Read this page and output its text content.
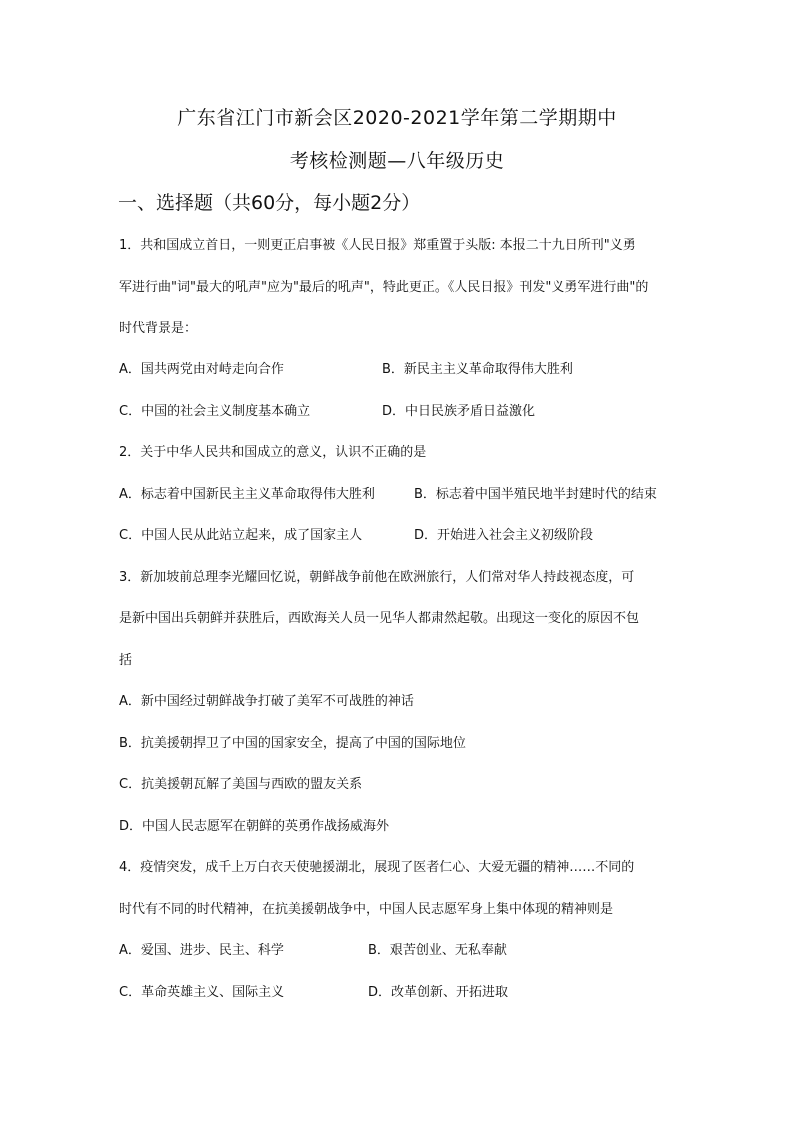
广东省江门市新会区2020-2021学年第二学期期中
考核检测题—八年级历史
一、选择题（共60分，每小题2分）
1．共和国成立首日，一则更正启事被《人民日报》郑重置于头版: 本报二十九日所刊"义勇
军进行曲"词"最大的吼声"应为"最后的吼声"，特此更正。《人民日报》刊发"义勇军进行曲"的
时代背景是：
A．国共两党由对峙走向合作	B．新民主主义革命取得伟大胜利
C．中国的社会主义制度基本确立	D．中日民族矛盾日益激化
2．关于中华人民共和国成立的意义，认识不正确的是
A．标志着中国新民主主义革命取得伟大胜利	B．标志着中国半殖民地半封建时代的结束
C．中国人民从此站立起来，成了国家主人	D．开始进入社会主义初级阶段
3．新加坡前总理李光耀回忆说，朝鲜战争前他在欧洲旅行，人们常对华人持歧视态度，可
是新中国出兵朝鲜并获胜后，西欧海关人员一见华人都肃然起敬。出现这一变化的原因不包
括
A．新中国经过朝鲜战争打破了美军不可战胜的神话
B．抗美援朝捍卫了中国的国家安全，提高了中国的国际地位
C．抗美援朝瓦解了美国与西欧的盟友关系
D．中国人民志愿军在朝鲜的英勇作战扬威海外
4．疫情突发，成千上万白衣天使驰援湖北，展现了医者仁心、大爱无疆的精神……不同的
时代有不同的时代精神，在抗美援朝战争中，中国人民志愿军身上集中体现的精神则是
A．爱国、进步、民主、科学	B．艰苦创业、无私奉献
C．革命英雄主义、国际主义	D．改革创新、开拓进取
